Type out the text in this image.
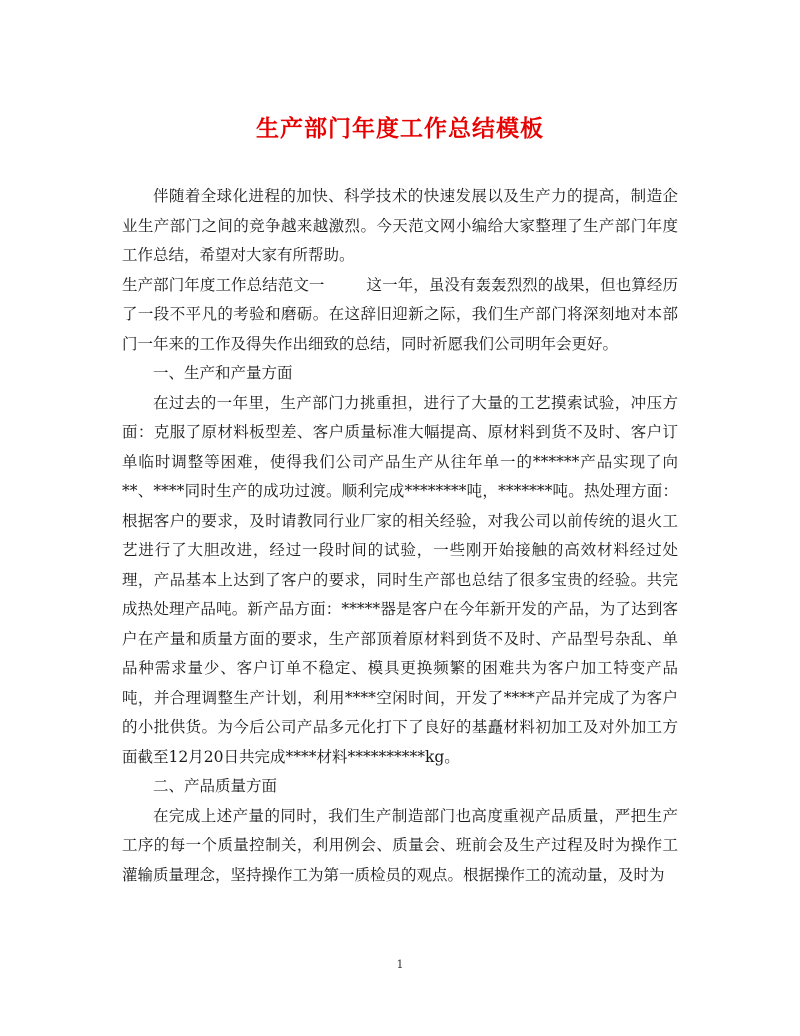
生产部门年度工作总结模板

伴随着全球化进程的加快、科学技术的快速发展以及生产力的提高，制造企业生产部门之间的竞争越来越激烈。今天范文网小编给大家整理了生产部门年度工作总结，希望对大家有所帮助。

生产部门年度工作总结范文一	这一年，虽没有轰轰烈烈的战果，但也算经历了一段不平凡的考验和磨砺。在这辞旧迎新之际，我们生产部门将深刻地对本部门一年来的工作及得失作出细致的总结，同时祈愿我们公司明年会更好。

一、生产和产量方面

在过去的一年里，生产部门力挑重担，进行了大量的工艺摸索试验，冲压方面：克服了原材料板型差、客户质量标准大幅提高、原材料到货不及时、客户订单临时调整等困难，使得我们公司产品生产从往年单一的******产品实现了向**、****同时生产的成功过渡。顺利完成********吨，*******吨。热处理方面：根据客户的要求，及时请教同行业厂家的相关经验，对我公司以前传统的退火工艺进行了大胆改进，经过一段时间的试验，一些刚开始接触的高效材料经过处理，产品基本上达到了客户的要求，同时生产部也总结了很多宝贵的经验。共完成热处理产品吨。新产品方面：*****器是客户在今年新开发的产品，为了达到客户在产量和质量方面的要求，生产部顶着原材料到货不及时、产品型号杂乱、单品种需求量少、客户订单不稳定、模具更换频繁的困难共为客户加工特变产品吨，并合理调整生产计划，利用****空闲时间，开发了****产品并完成了为客户的小批供货。为今后公司产品多元化打下了良好的基矗材料初加工及对外加工方面截至12月20日共完成****材料**********kg。

二、产品质量方面

在完成上述产量的同时，我们生产制造部门也高度重视产品质量，严把生产工序的每一个质量控制关，利用例会、质量会、班前会及生产过程及时为操作工灌输质量理念，坚持操作工为第一质检员的观点。根据操作工的流动量，及时为

1
